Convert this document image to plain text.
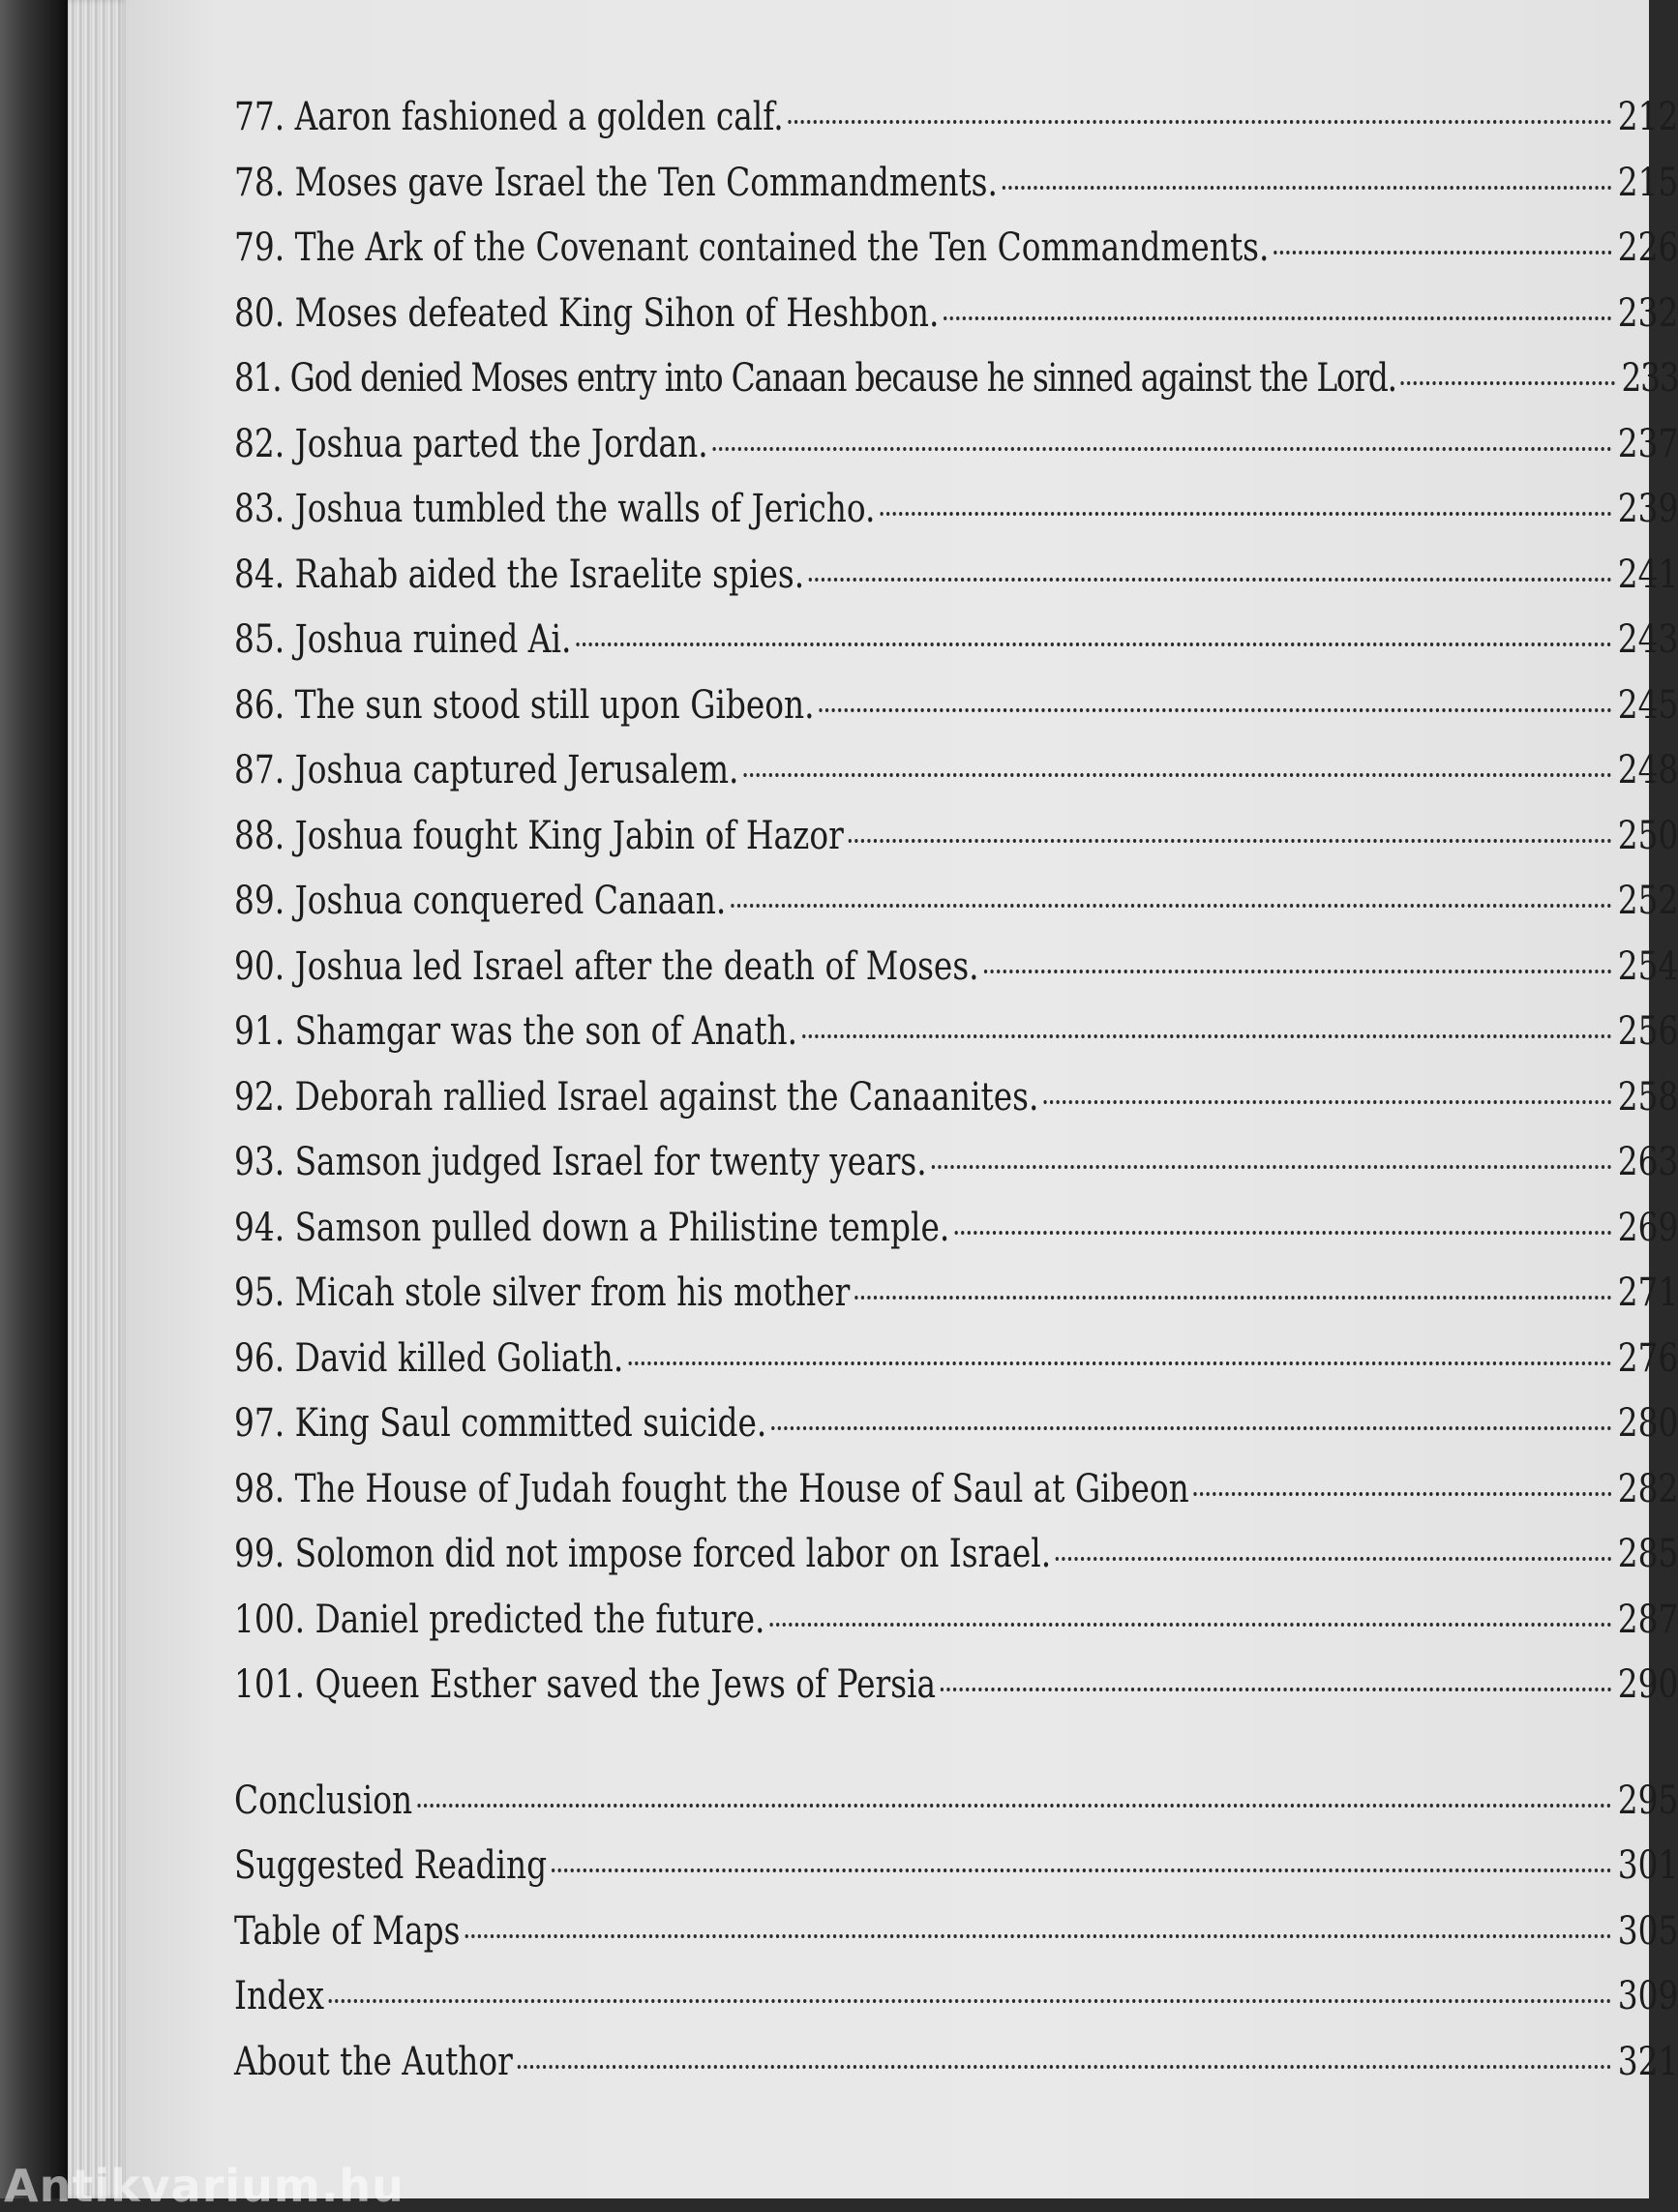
77. Aaron fashioned a golden calf.	212
78. Moses gave Israel the Ten Commandments.	215
79. The Ark of the Covenant contained the Ten Commandments.	226
80. Moses defeated King Sihon of Heshbon.	232
81. God denied Moses entry into Canaan because he sinned against the Lord.	233
82. Joshua parted the Jordan.	237
83. Joshua tumbled the walls of Jericho.	239
84. Rahab aided the Israelite spies.	241
85. Joshua ruined Ai.	243
86. The sun stood still upon Gibeon.	245
87. Joshua captured Jerusalem.	248
88. Joshua fought King Jabin of Hazor	250
89. Joshua conquered Canaan.	252
90. Joshua led Israel after the death of Moses.	254
91. Shamgar was the son of Anath.	256
92. Deborah rallied Israel against the Canaanites.	258
93. Samson judged Israel for twenty years.	263
94. Samson pulled down a Philistine temple.	269
95. Micah stole silver from his mother	271
96. David killed Goliath.	276
97. King Saul committed suicide.	280
98. The House of Judah fought the House of Saul at Gibeon	282
99. Solomon did not impose forced labor on Israel.	285
100. Daniel predicted the future.	287
101. Queen Esther saved the Jews of Persia	290
Conclusion	295
Suggested Reading	301
Table of Maps	305
Index	309
About the Author	321
Antikvarium.hu
